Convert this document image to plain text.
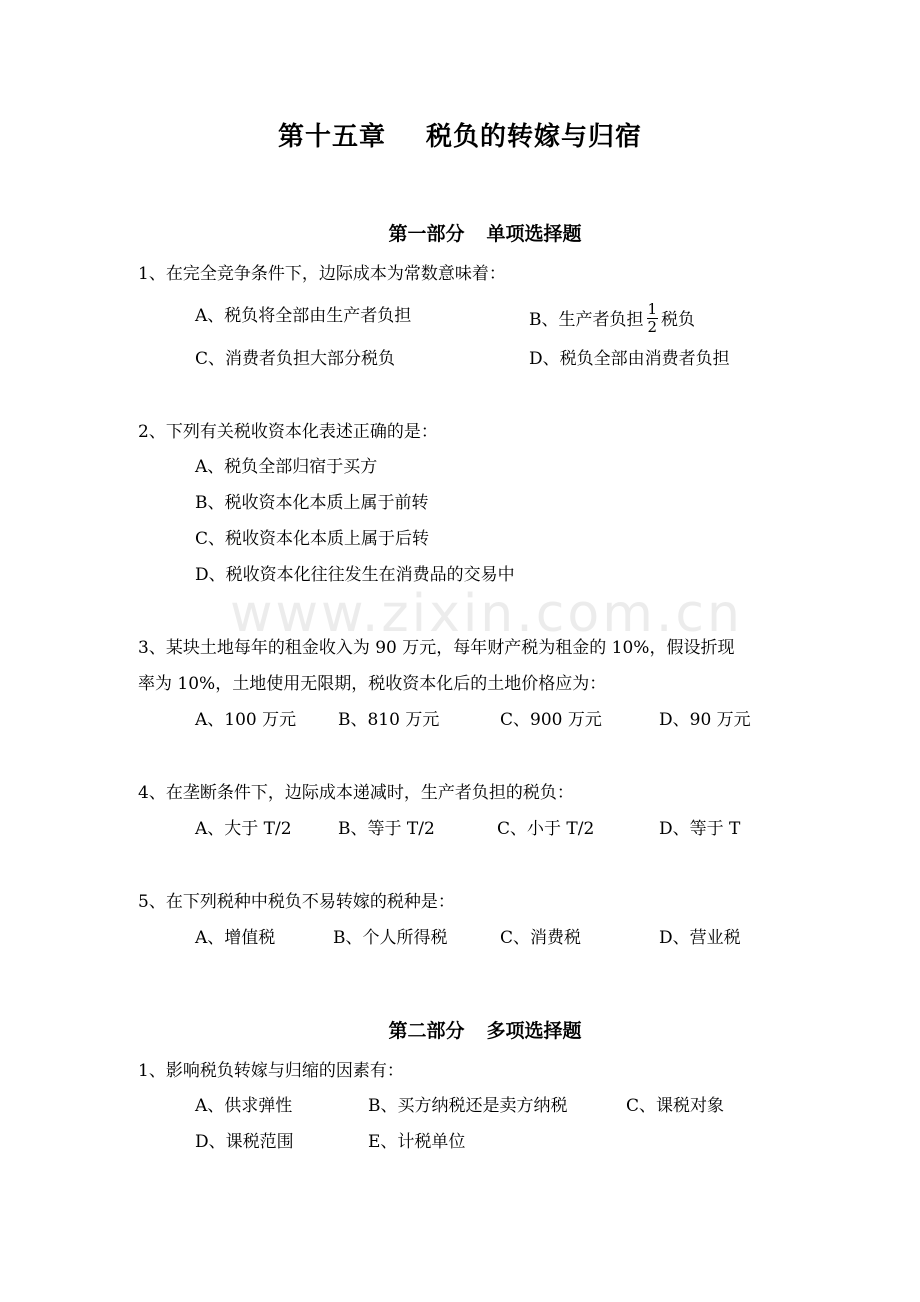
www.zixin.com.cn
第十五章 税负的转嫁与归宿
第一部分 单项选择题
1、在完全竞争条件下，边际成本为常数意味着：
A、税负将全部由生产者负担	B、生产者负担 $\frac{1}{2}$ 税负
C、消费者负担大部分税负	D、税负全部由消费者负担
2、下列有关税收资本化表述正确的是：
A、税负全部归宿于买方
B、税收资本化本质上属于前转
C、税收资本化本质上属于后转
D、税收资本化往往发生在消费品的交易中
3、某块土地每年的租金收入为 90 万元，每年财产税为租金的 10%，假设折现
率为 10%，土地使用无限期，税收资本化后的土地价格应为：
A、100 万元 B、810 万元	C、900 万元	D、90 万元
4、在垄断条件下，边际成本递减时，生产者负担的税负：
A、大于 T/2	B、等于 T/2	C、小于 T/2	D、等于 T
5、在下列税种中税负不易转嫁的税种是：
A、增值税	B、个人所得税	C、消费税	D、营业税
第二部分 多项选择题
1、影响税负转嫁与归缩的因素有：
A、供求弹性	B、买方纳税还是卖方纳税	C、课税对象
D、课税范围	E、计税单位
